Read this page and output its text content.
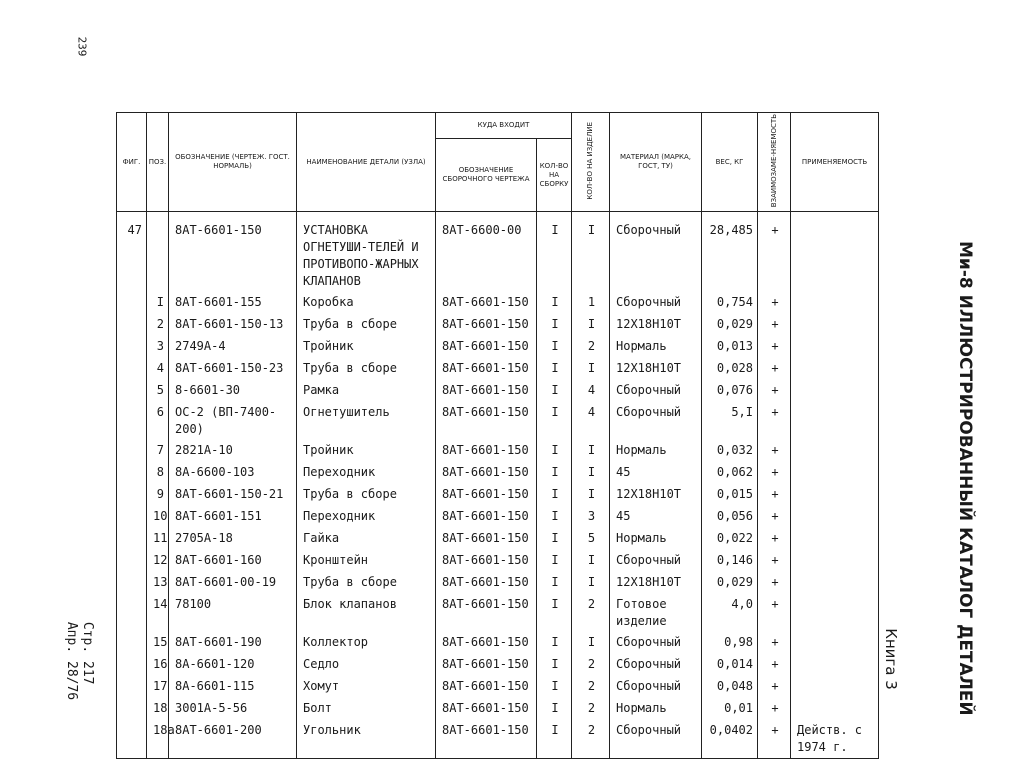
239
Ми-8 ИЛЛЮСТРИРОВАННЫЙ КАТАЛОГ ДЕТАЛЕЙ
Книга 3
Стр. 217
Апр. 28/76
ФИГ.	ПОЗ.	ОБОЗНАЧЕНИЕ (ЧЕРТЕЖ. ГОСТ. НОРМАЛЬ)	НАИМЕНОВАНИЕ ДЕТАЛИ (УЗЛА)	КУДА ВХОДИТ		КОЛ-ВО НА ИЗДЕЛИЕ	МАТЕРИАЛ (МАРКА, ГОСТ, ТУ)	ВЕС, КГ	ВЗАИМОЗАМЕ-НЯЕМОСТЬ	ПРИМЕНЯЕМОСТЬ
				ОБОЗНАЧЕНИЕ СБОРОЧНОГО ЧЕРТЕЖА	КОЛ-ВО НА СБОРКУ					
47		8АТ-6601-150	УСТАНОВКА ОГНЕТУШИ-ТЕЛЕЙ И ПРОТИВОПО-ЖАРНЫХ КЛАПАНОВ	8АТ-6600-00	I	I	Сборочный	28,485	+	
	I	8АТ-6601-155	Коробка	8АТ-6601-150	I	1	Сборочный	0,754	+	
	2	8АТ-6601-150-13	Труба в сборе	8АТ-6601-150	I	I	12Х18Н10Т	0,029	+	
	3	2749А-4	Тройник	8АТ-6601-150	I	2	Нормаль	0,013	+	
	4	8АТ-6601-150-23	Труба в сборе	8АТ-6601-150	I	I	12Х18Н10Т	0,028	+	
	5	8-6601-30	Рамка	8АТ-6601-150	I	4	Сборочный	0,076	+	
	6	ОС-2 (ВП-7400-200)	Огнетушитель	8АТ-6601-150	I	4	Сборочный	5,I	+	
	7	2821А-10	Тройник	8АТ-6601-150	I	I	Нормаль	0,032	+	
	8	8А-6600-103	Переходник	8АТ-6601-150	I	I	45	0,062	+	
	9	8АТ-6601-150-21	Труба в сборе	8АТ-6601-150	I	I	12Х18Н10Т	0,015	+	
	10	8АТ-6601-151	Переходник	8АТ-6601-150	I	3	45	0,056	+	
	11	2705А-18	Гайка	8АТ-6601-150	I	5	Нормаль	0,022	+	
	12	8АТ-6601-160	Кронштейн	8АТ-6601-150	I	I	Сборочный	0,146	+	
	13	8АТ-6601-00-19	Труба в сборе	8АТ-6601-150	I	I	12Х18Н10Т	0,029	+	
	14	78100	Блок клапанов	8АТ-6601-150	I	2	Готовое изделие	4,0	+	
	15	8АТ-6601-190	Коллектор	8АТ-6601-150	I	I	Сборочный	0,98	+	
	16	8А-6601-120	Седло	8АТ-6601-150	I	2	Сборочный	0,014	+	
	17	8А-6601-115	Хомут	8АТ-6601-150	I	2	Сборочный	0,048	+	
	18	3001А-5-56	Болт	8АТ-6601-150	I	2	Нормаль	0,01	+	
	18а	8АТ-6601-200	Угольник	8АТ-6601-150	I	2	Сборочный	0,0402	+	Действ. с 1974 г.
